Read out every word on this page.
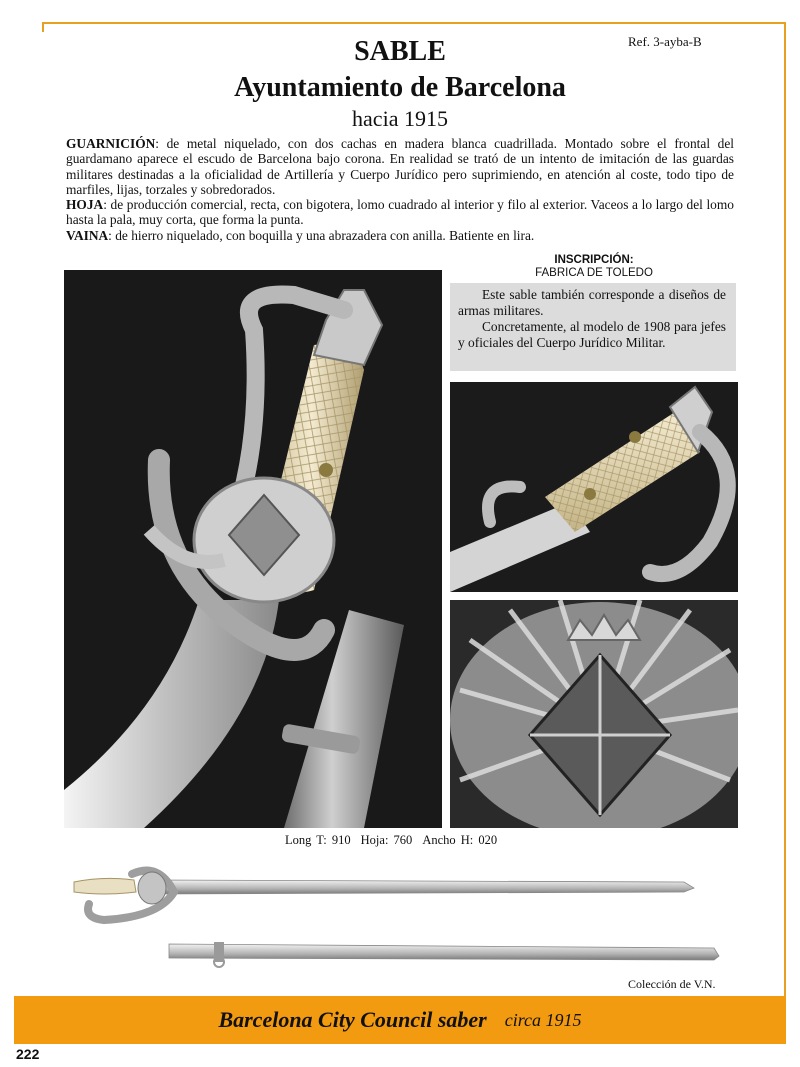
Ref. 3-ayba-B
SABLE
Ayuntamiento de Barcelona
hacia 1915

GUARNICIÓN: de metal niquelado, con dos cachas en madera blanca cuadrillada. Montado sobre el frontal del guardamano aparece el escudo de Barcelona bajo corona. En realidad se trató de un intento de imitación de las guardas militares destinadas a la oficialidad de Artillería y Cuerpo Jurídico pero suprimiendo, en atención al coste, todo tipo de marfiles, lijas, torzales y sobredorados.

HOJA: de producción comercial, recta, con bigotera, lomo cuadrado al interior y filo al exterior. Vaceos a lo largo del lomo hasta la pala, muy corta, que forma la punta.

VAINA: de hierro niquelado, con boquilla y una abrazadera con anilla. Batiente en lira.

INSCRIPCIÓN:
FABRICA DE TOLEDO

Este sable también corresponde a diseños de armas militares.

Concretamente, al modelo de 1908 para jefes y oficiales del Cuerpo Jurídico Militar.

Long T: 910 Hoja: 760 Ancho H: 020
Colección de V.N.
Barcelona City Council saber circa 1915
222
